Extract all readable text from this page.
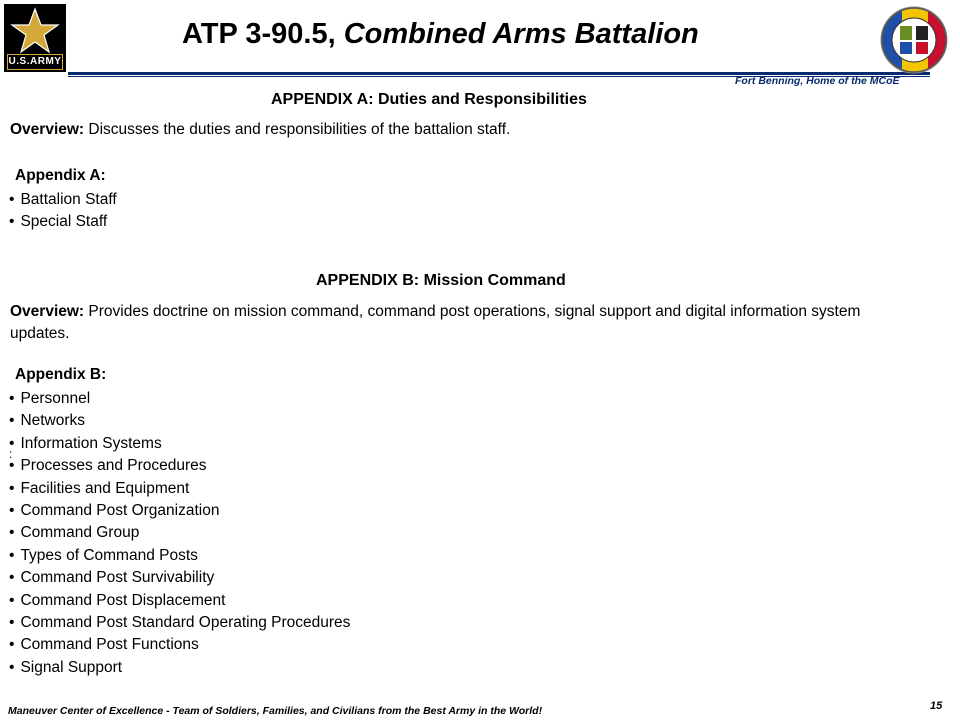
U.S.ARMY
ATP 3-90.5, Combined Arms Battalion
Fort Benning, Home of the MCoE
APPENDIX A: Duties and Responsibilities
Overview: Discusses the duties and responsibilities of the battalion staff.
Appendix A:
• Battalion Staff
• Special Staff
APPENDIX B: Mission Command
Overview: Provides doctrine on mission command, command post operations, signal support and digital information system updates.
Appendix B:
• Personnel
• Networks
• Information Systems
• Processes and Procedures
• Facilities and Equipment
• Command Post Organization
• Command Group
• Types of Command Posts
• Command Post Survivability
• Command Post Displacement
• Command Post Standard Operating Procedures
• Command Post Functions
• Signal Support
:
Maneuver Center of Excellence - Team of Soldiers, Families, and Civilians from the Best Army in the World!	15
